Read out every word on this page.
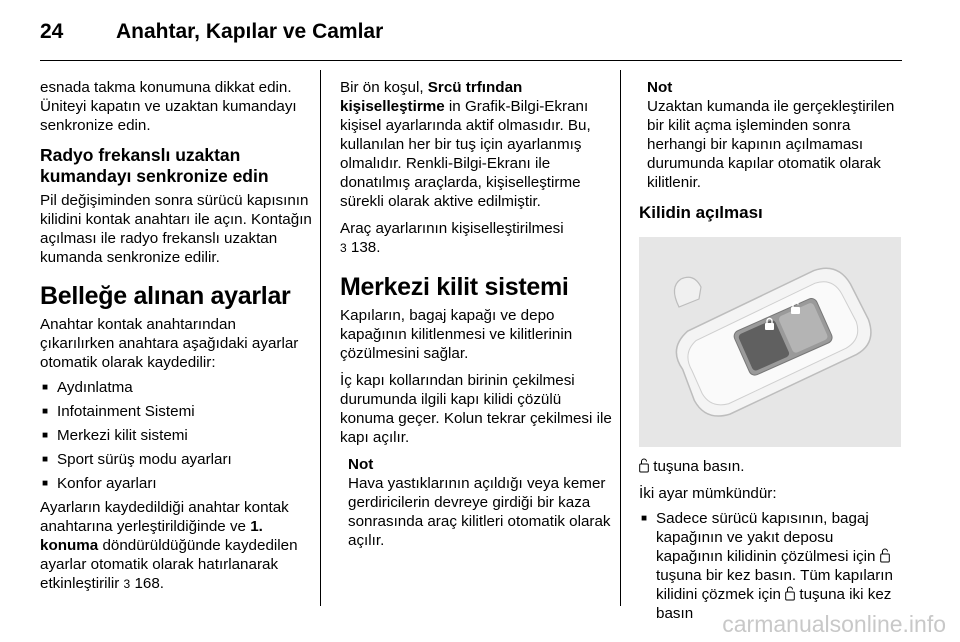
24	Anahtar, Kapılar ve Camlar

esnada takma konumuna dikkat edin. Üniteyi kapatın ve uzaktan kumandayı senkronize edin.

Radyo frekanslı uzaktan kumandayı senkronize edin

Pil değişiminden sonra sürücü kapısının kilidini kontak anahtarı ile açın. Kontağın açılması ile radyo frekanslı uzaktan kumanda senkronize edilir.

Belleğe alınan ayarlar

Anahtar kontak anahtarından çıkarılırken anahtara aşağıdaki ayarlar otomatik olarak kaydedilir:

■ Aydınlatma
■ Infotainment Sistemi
■ Merkezi kilit sistemi
■ Sport sürüş modu ayarları
■ Konfor ayarları

Ayarların kaydedildiği anahtar kontak anahtarına yerleştirildiğinde ve 1. konuma döndürüldüğünde kaydedilen ayarlar otomatik olarak hatırlanarak etkinleştirilir 3 168.

Bir ön koşul, Srcü trfından kişiselleştirme in Grafik-Bilgi-Ekranı kişisel ayarlarında aktif olmasıdır. Bu, kullanılan her bir tuş için ayarlanmış olmalıdır. Renkli-Bilgi-Ekranı ile donatılmış araçlarda, kişiselleştirme sürekli olarak aktive edilmiştir.

Araç ayarlarının kişiselleştirilmesi
3 138.

Merkezi kilit sistemi

Kapıların, bagaj kapağı ve depo kapağının kilitlenmesi ve kilitlerinin çözülmesini sağlar.

İç kapı kollarından birinin çekilmesi durumunda ilgili kapı kilidi çözülü konuma geçer. Kolun tekrar çekilmesi ile kapı açılır.

Not
Hava yastıklarının açıldığı veya kemer gerdiricilerin devreye girdiği bir kaza sonrasında araç kilitleri otomatik olarak açılır.
Not
Uzaktan kumanda ile gerçekleştirilen bir kilit açma işleminden sonra herhangi bir kapının açılmaması durumunda kapılar otomatik olarak kilitlenir.
Kilidin açılması

tuşuna basın.

İki ayar mümkündür:

■ Sadece sürücü kapısının, bagaj kapağının ve yakıt deposu kapağının kilidinin çözülmesi için  tuşuna bir kez basın. Tüm kapıların kilidini çözmek için  tuşuna iki kez basın	carmanualsonline.info
